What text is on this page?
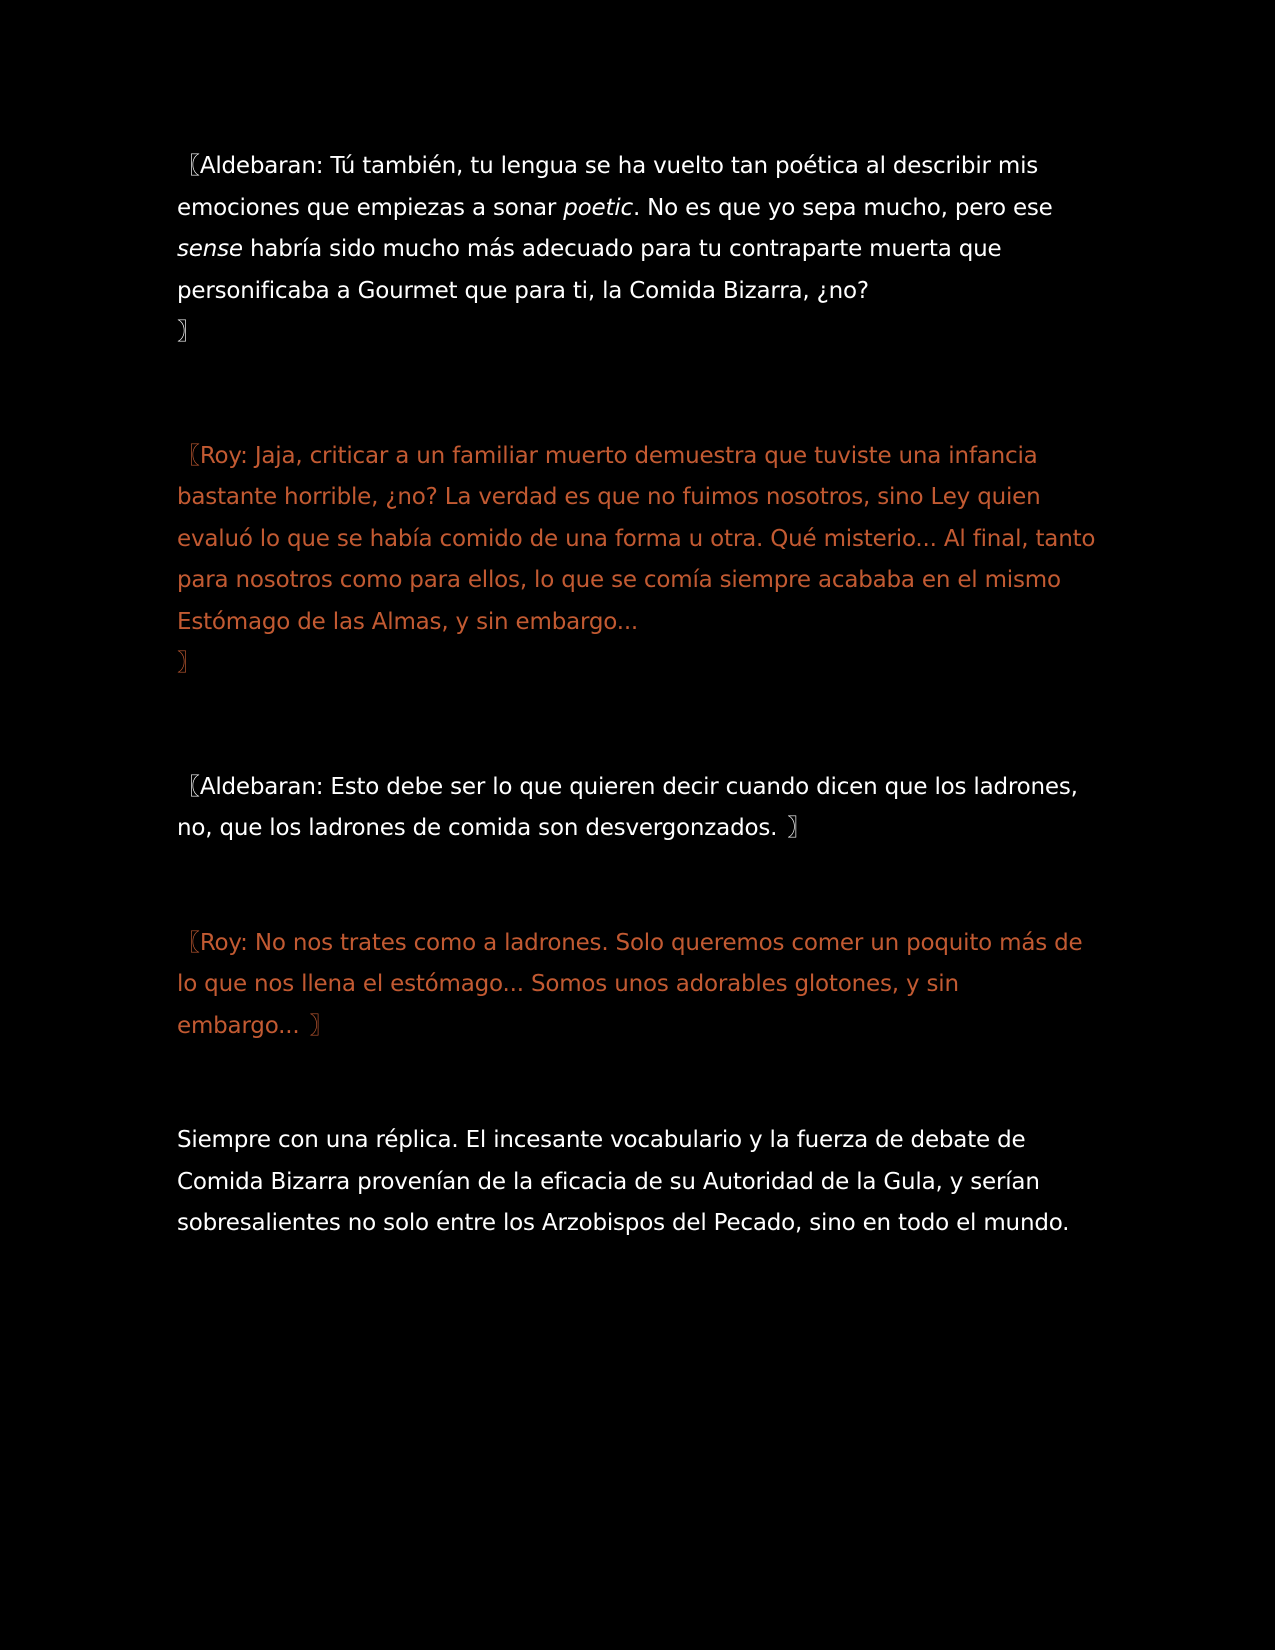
〖Aldebaran: Tú también, tu lengua se ha vuelto tan poética al describir mis emociones que empiezas a sonar poetic. No es que yo sepa mucho, pero ese sense habría sido mucho más adecuado para tu contraparte muerta que personificaba a Gourmet que para ti, la Comida Bizarra, ¿no?
〗

〖Roy: Jaja, criticar a un familiar muerto demuestra que tuviste una infancia bastante horrible, ¿no? La verdad es que no fuimos nosotros, sino Ley quien evaluó lo que se había comido de una forma u otra. Qué misterio... Al final, tanto para nosotros como para ellos, lo que se comía siempre acababa en el mismo Estómago de las Almas, y sin embargo...
〗

〖Aldebaran: Esto debe ser lo que quieren decir cuando dicen que los ladrones, no, que los ladrones de comida son desvergonzados. 〗

〖Roy: No nos trates como a ladrones. Solo queremos comer un poquito más de lo que nos llena el estómago... Somos unos adorables glotones, y sin embargo... 〗

Siempre con una réplica. El incesante vocabulario y la fuerza de debate de Comida Bizarra provenían de la eficacia de su Autoridad de la Gula, y serían sobresalientes no solo entre los Arzobispos del Pecado, sino en todo el mundo.
